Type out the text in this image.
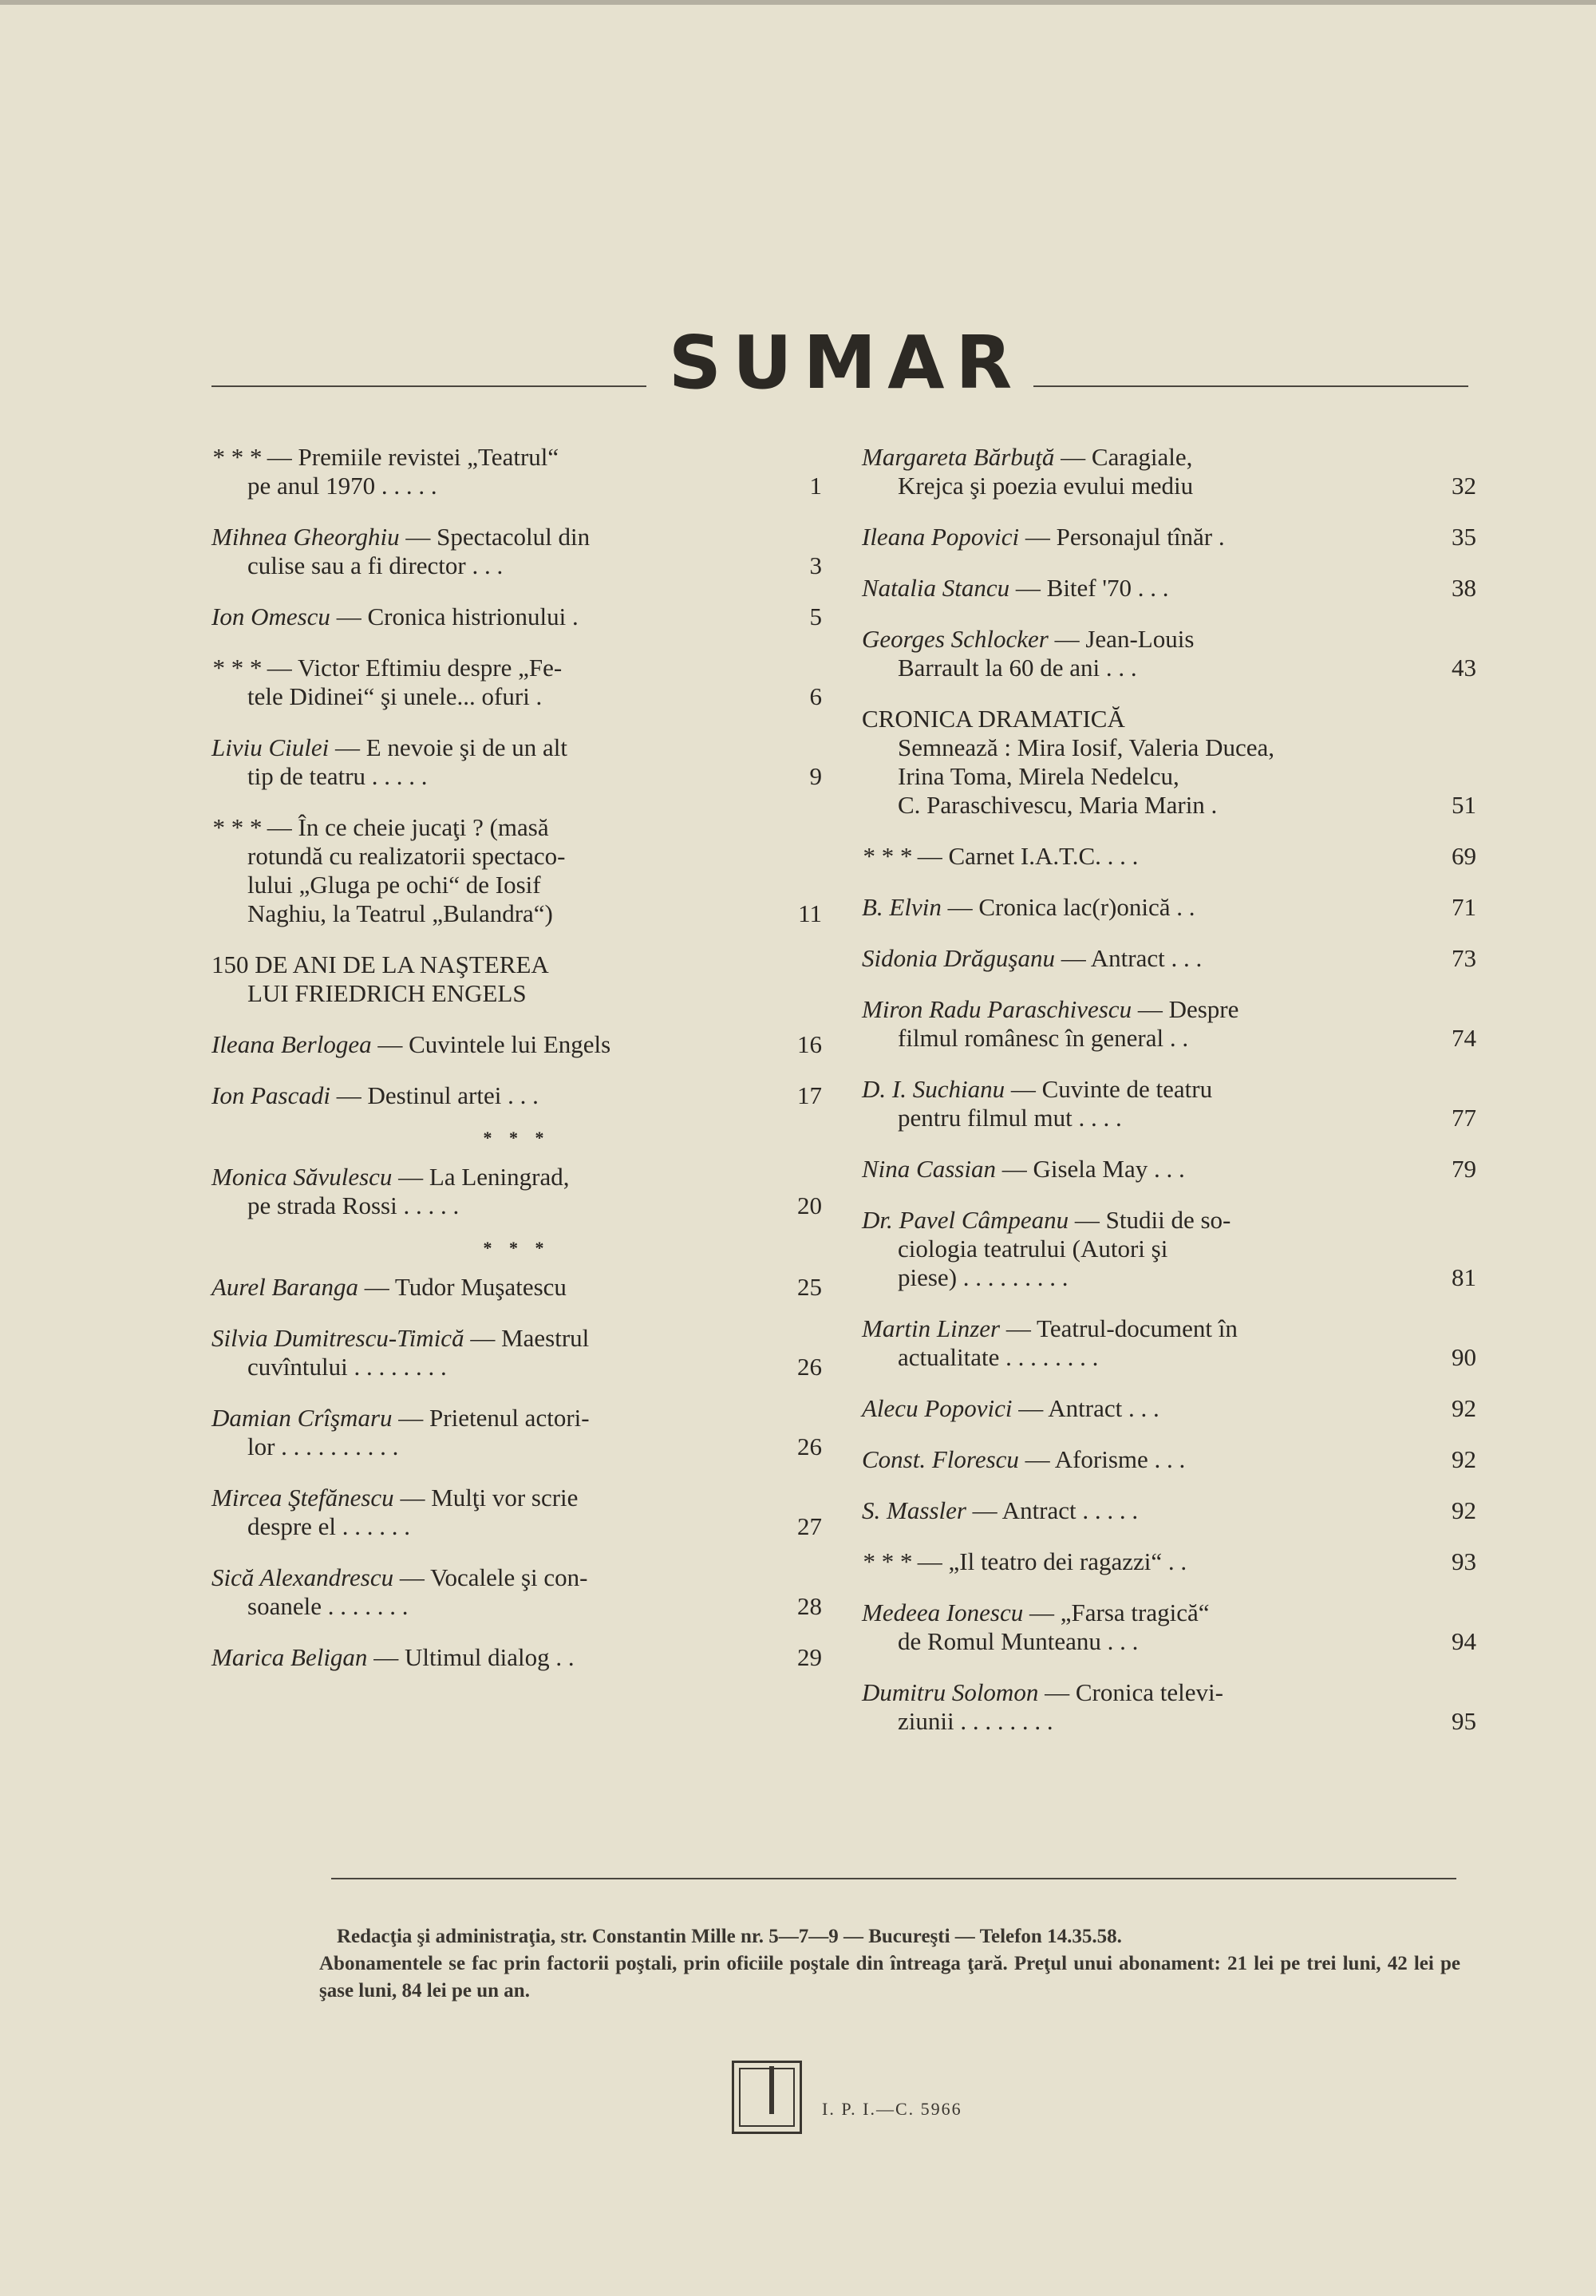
SUMAR
* * * — Premiile revistei „Teatrul“
pe anul 1970 . . . . .	1
Mihnea Gheorghiu — Spectacolul din
culise sau a fi director . . .	3
Ion Omescu — Cronica histrionului .	5
* * * — Victor Eftimiu despre „Fe-
tele Didinei“ şi unele... ofuri .	6
Liviu Ciulei — E nevoie şi de un alt
tip de teatru . . . . .	9
* * * — În ce cheie jucaţi ? (masă
rotundă cu realizatorii spectaco-
lului „Gluga pe ochi“ de Iosif
Naghiu, la Teatrul „Bulandra“)	11
150 DE ANI DE LA NAŞTEREA
LUI FRIEDRICH ENGELS
Ileana Berlogea — Cuvintele lui Engels	16
Ion Pascadi — Destinul artei . . .	17
* * *
Monica Săvulescu — La Leningrad,
pe strada Rossi . . . . .	20
* * *
Aurel Baranga — Tudor Muşatescu	25
Silvia Dumitrescu-Timică — Maestrul
cuvîntului . . . . . . . .	26
Damian Crîşmaru — Prietenul actori-
lor . . . . . . . . . .	26
Mircea Ştefănescu — Mulţi vor scrie
despre el . . . . . .	27
Sică Alexandrescu — Vocalele şi con-
soanele . . . . . . .	28
Marica Beligan — Ultimul dialog . .	29
Margareta Bărbuţă — Caragiale,
Krejca şi poezia evului mediu	32
Ileana Popovici — Personajul tînăr .	35
Natalia Stancu — Bitef '70 . . .	38
Georges Schlocker — Jean-Louis
Barrault la 60 de ani . . .	43
CRONICA DRAMATICĂ
Semnează : Mira Iosif, Valeria Ducea,
Irina Toma, Mirela Nedelcu,
C. Paraschivescu, Maria Marin .	51
* * * — Carnet I.A.T.C. . . .	69
B. Elvin — Cronica lac(r)onică . .	71
Sidonia Drăguşanu — Antract . . .	73
Miron Radu Paraschivescu — Despre
filmul românesc în general . .	74
D. I. Suchianu — Cuvinte de teatru
pentru filmul mut . . . .	77
Nina Cassian — Gisela May . . .	79
Dr. Pavel Câmpeanu — Studii de so-
ciologia teatrului (Autori şi
piese) . . . . . . . . .	81
Martin Linzer — Teatrul-document în
actualitate . . . . . . . .	90
Alecu Popovici — Antract . . .	92
Const. Florescu — Aforisme . . .	92
S. Massler — Antract . . . . .	92
* * * — „Il teatro dei ragazzi“ . .	93
Medeea Ionescu — „Farsa tragică“
de Romul Munteanu . . .	94
Dumitru Solomon — Cronica televi-
ziunii . . . . . . . .	95

Redacţia şi administraţia, str. Constantin Mille nr. 5—7—9 — Bucureşti — Telefon 14.35.58.

Abonamentele se fac prin factorii poştali, prin oficiile poştale din întreaga ţară. Preţul unui abonament: 21 lei pe trei luni, 42 lei pe şase luni, 84 lei pe un an.

I. P. I.—C. 5966
